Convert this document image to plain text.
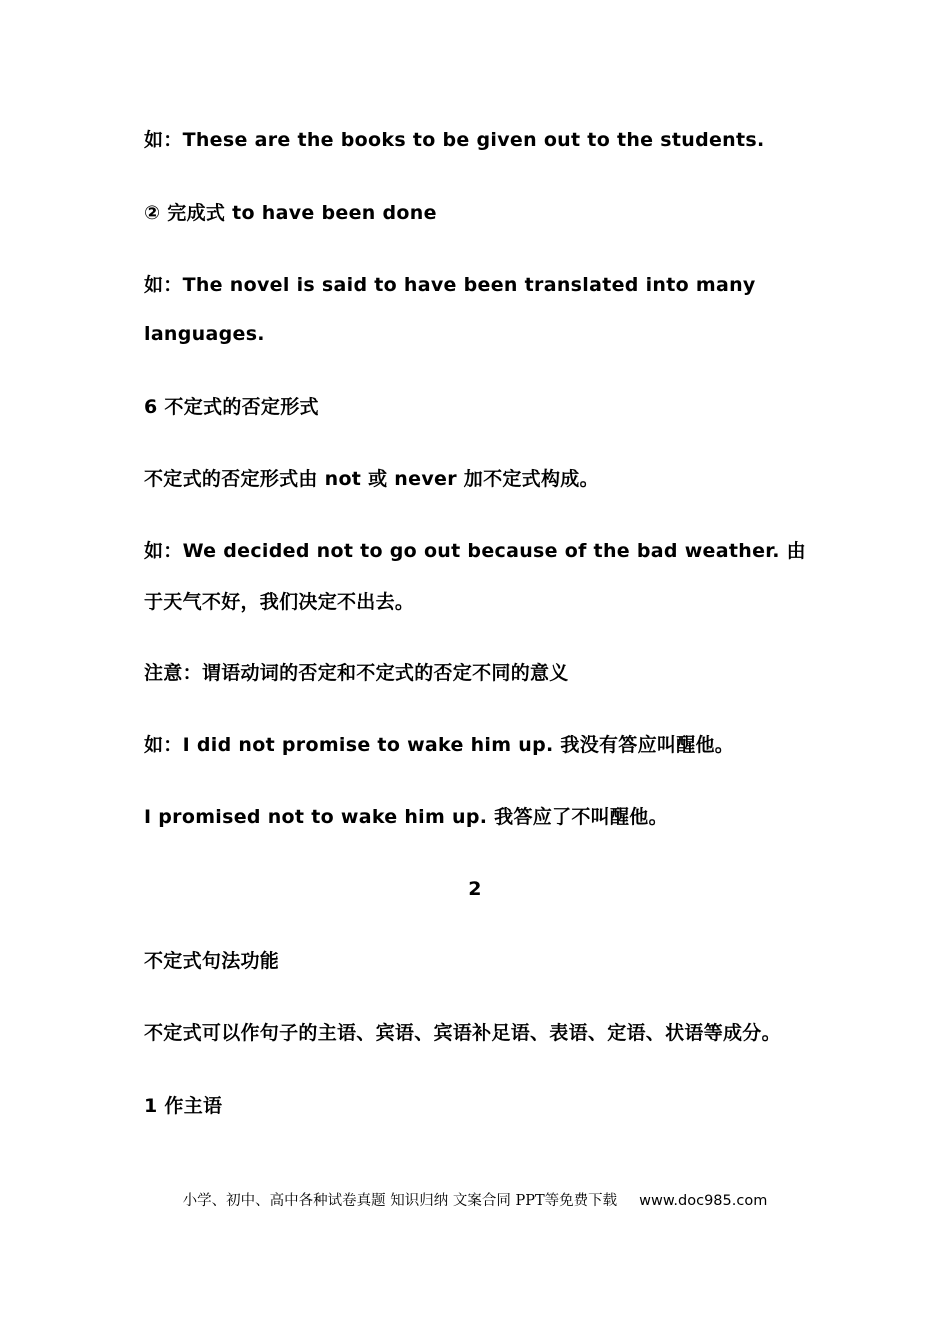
如：These are the books to be given out to the students.
② 完成式 to have been done
如：The novel is said to have been translated into many
languages.
6 不定式的否定形式
不定式的否定形式由 not 或 never 加不定式构成。
如：We decided not to go out because of the bad weather. 由
于天气不好，我们决定不出去。
注意：谓语动词的否定和不定式的否定不同的意义
如：I did not promise to wake him up. 我没有答应叫醒他。
I promised not to wake him up. 我答应了不叫醒他。
2
不定式句法功能
不定式可以作句子的主语、宾语、宾语补足语、表语、定语、状语等成分。
1 作主语
小学、初中、高中各种试卷真题 知识归纳 文案合同 PPT等免费下载 www.doc985.com
